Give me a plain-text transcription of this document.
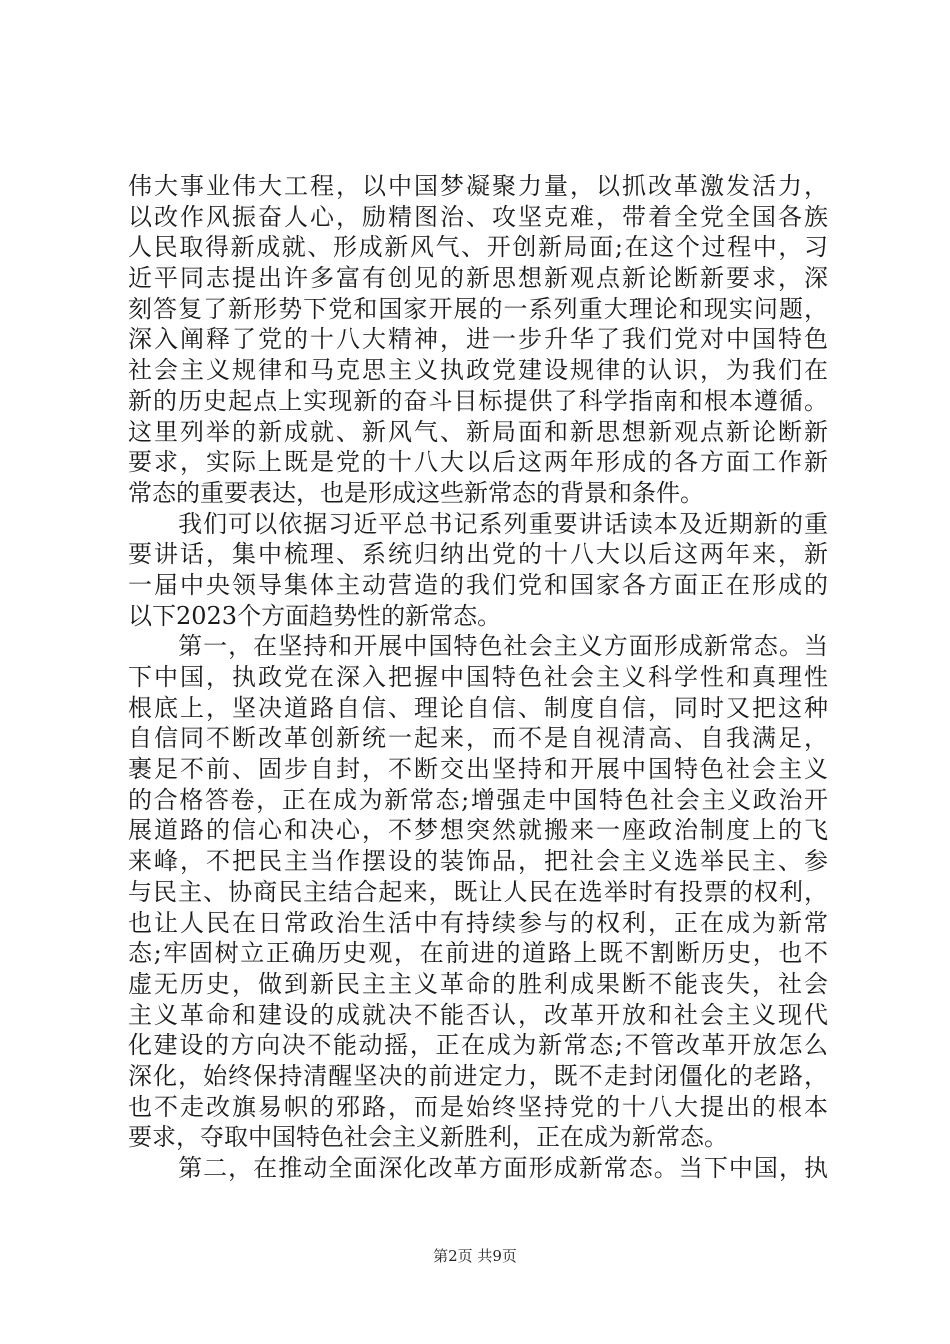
伟大事业伟大工程，以中国梦凝聚力量，以抓改革激发活力，
以改作风振奋人心，励精图治、攻坚克难，带着全党全国各族
人民取得新成就、形成新风气、开创新局面;在这个过程中，习
近平同志提出许多富有创见的新思想新观点新论断新要求，深
刻答复了新形势下党和国家开展的一系列重大理论和现实问题，
深入阐释了党的十八大精神，进一步升华了我们党对中国特色
社会主义规律和马克思主义执政党建设规律的认识，为我们在
新的历史起点上实现新的奋斗目标提供了科学指南和根本遵循。
这里列举的新成就、新风气、新局面和新思想新观点新论断新
要求，实际上既是党的十八大以后这两年形成的各方面工作新
常态的重要表达，也是形成这些新常态的背景和条件。
　　我们可以依据习近平总书记系列重要讲话读本及近期新的重
要讲话，集中梳理、系统归纳出党的十八大以后这两年来，新
一届中央领导集体主动营造的我们党和国家各方面正在形成的
以下2023个方面趋势性的新常态。
　　第一，在坚持和开展中国特色社会主义方面形成新常态。当
下中国，执政党在深入把握中国特色社会主义科学性和真理性
根底上，坚决道路自信、理论自信、制度自信，同时又把这种
自信同不断改革创新统一起来，而不是自视清高、自我满足，
裹足不前、固步自封，不断交出坚持和开展中国特色社会主义
的合格答卷，正在成为新常态;增强走中国特色社会主义政治开
展道路的信心和决心，不梦想突然就搬来一座政治制度上的飞
来峰，不把民主当作摆设的装饰品，把社会主义选举民主、参
与民主、协商民主结合起来，既让人民在选举时有投票的权利，
也让人民在日常政治生活中有持续参与的权利，正在成为新常
态;牢固树立正确历史观，在前进的道路上既不割断历史，也不
虚无历史，做到新民主主义革命的胜利成果断不能丧失，社会
主义革命和建设的成就决不能否认，改革开放和社会主义现代
化建设的方向决不能动摇，正在成为新常态;不管改革开放怎么
深化，始终保持清醒坚决的前进定力，既不走封闭僵化的老路，
也不走改旗易帜的邪路，而是始终坚持党的十八大提出的根本
要求，夺取中国特色社会主义新胜利，正在成为新常态。
　　第二，在推动全面深化改革方面形成新常态。当下中国，执
第2页 共9页
